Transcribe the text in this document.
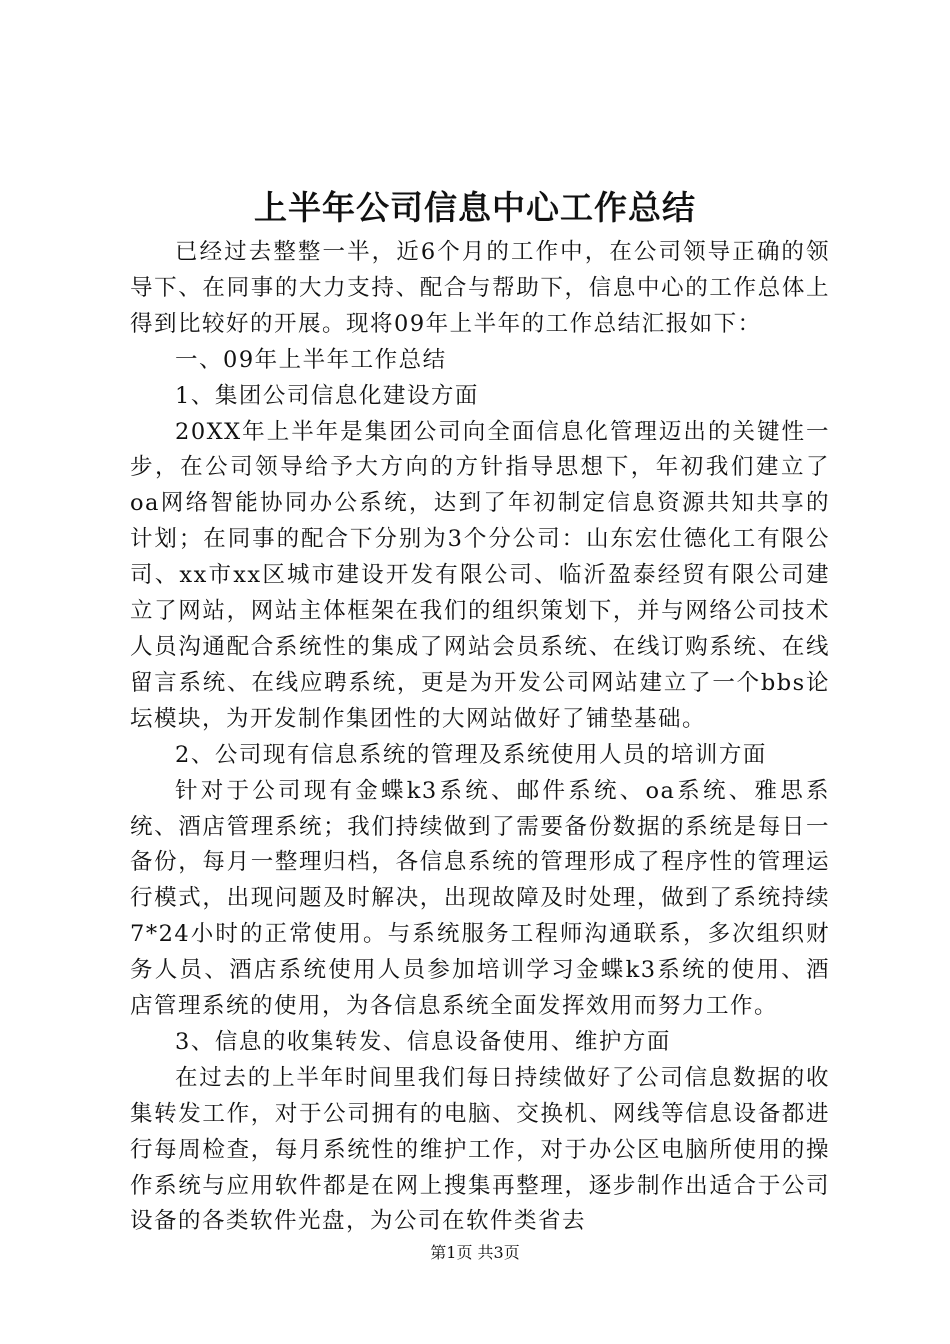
上半年公司信息中心工作总结

已经过去整整一半，近6个月的工作中，在公司领导正确的领导下、在同事的大力支持、配合与帮助下，信息中心的工作总体上得到比较好的开展。现将09年上半年的工作总结汇报如下：

一、09年上半年工作总结

1、集团公司信息化建设方面

20XX年上半年是集团公司向全面信息化管理迈出的关键性一步，在公司领导给予大方向的方针指导思想下，年初我们建立了oa网络智能协同办公系统，达到了年初制定信息资源共知共享的计划；在同事的配合下分别为3个分公司：山东宏仕德化工有限公司、xx市xx区城市建设开发有限公司、临沂盈泰经贸有限公司建立了网站，网站主体框架在我们的组织策划下，并与网络公司技术人员沟通配合系统性的集成了网站会员系统、在线订购系统、在线留言系统、在线应聘系统，更是为开发公司网站建立了一个bbs论坛模块，为开发制作集团性的大网站做好了铺垫基础。

2、公司现有信息系统的管理及系统使用人员的培训方面

针对于公司现有金蝶k3系统、邮件系统、oa系统、雅思系统、酒店管理系统；我们持续做到了需要备份数据的系统是每日一备份，每月一整理归档，各信息系统的管理形成了程序性的管理运行模式，出现问题及时解决，出现故障及时处理，做到了系统持续7*24小时的正常使用。与系统服务工程师沟通联系，多次组织财务人员、酒店系统使用人员参加培训学习金蝶k3系统的使用、酒店管理系统的使用，为各信息系统全面发挥效用而努力工作。

3、信息的收集转发、信息设备使用、维护方面

在过去的上半年时间里我们每日持续做好了公司信息数据的收集转发工作，对于公司拥有的电脑、交换机、网线等信息设备都进行每周检查，每月系统性的维护工作，对于办公区电脑所使用的操作系统与应用软件都是在网上搜集再整理，逐步制作出适合于公司设备的各类软件光盘，为公司在软件类省去

第1页 共3页
